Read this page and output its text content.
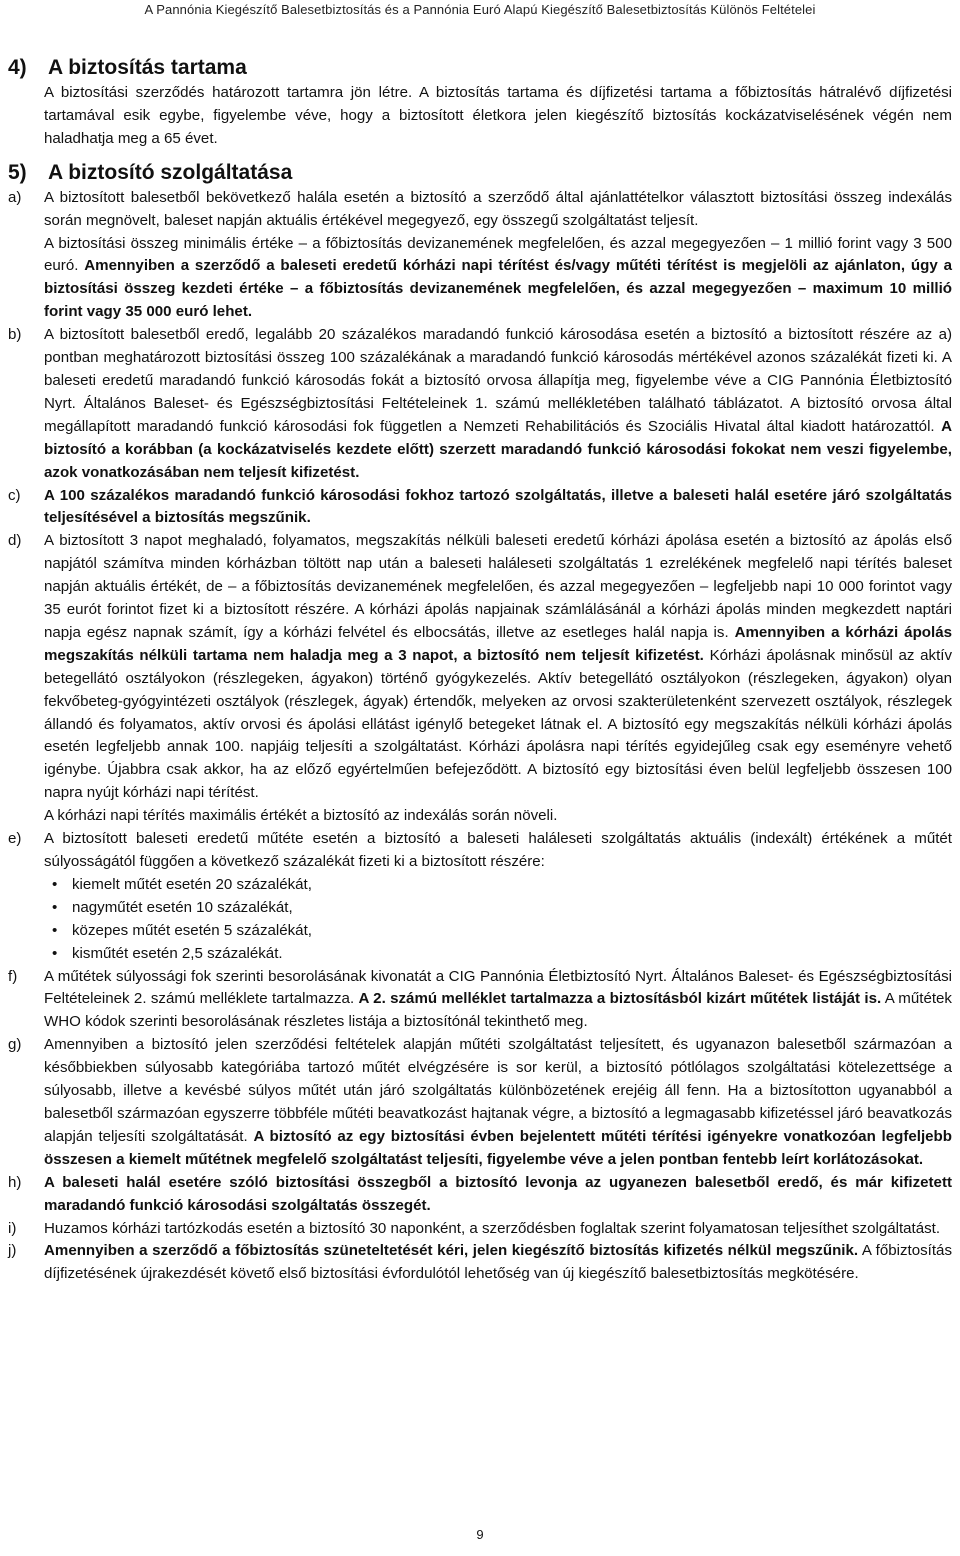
A Pannónia Kiegészítő Balesetbiztosítás és a Pannónia Euró Alapú Kiegészítő Balesetbiztosítás Különös Feltételei
4) A biztosítás tartama
A biztosítási szerződés határozott tartamra jön létre. A biztosítás tartama és díjfizetési tartama a főbiztosítás hátralévő díjfizetési tartamával esik egybe, figyelembe véve, hogy a biztosított életkora jelen kiegészítő biztosítás kockázatviselésének végén nem haladhatja meg a 65 évet.
5) A biztosító szolgáltatása
a) A biztosított balesetből bekövetkező halála esetén a biztosító a szerződő által ajánlattételkor választott biztosítási összeg indexálás során megnövelt, baleset napján aktuális értékével megegyező, egy összegű szolgáltatást teljesít.

A biztosítási összeg minimális értéke – a főbiztosítás devizanemének megfelelően, és azzal megegyezően – 1 millió forint vagy 3 500 euró. Amennyiben a szerződő a baleseti eredetű kórházi napi térítést és/vagy műtéti térítést is megjelöli az ajánlaton, úgy a biztosítási összeg kezdeti értéke – a főbiztosítás devizanemének megfelelően, és azzal megegyezően – maximum 10 millió forint vagy 35 000 euró lehet.

b) A biztosított balesetből eredő, legalább 20 százalékos maradandó funkció károsodása esetén a biztosító a biztosított részére az a) pontban meghatározott biztosítási összeg 100 százalékának a maradandó funkció károsodás mértékével azonos százalékát fizeti ki. A baleseti eredetű maradandó funkció károsodás fokát a biztosító orvosa állapítja meg, figyelembe véve a CIG Pannónia Életbiztosító Nyrt. Általános Baleset- és Egészségbiztosítási Feltételeinek 1. számú mellékletében található táblázatot. A biztosító orvosa által megállapított maradandó funkció károsodási fok független a Nemzeti Rehabilitációs és Szociális Hivatal által kiadott határozattól. A biztosító a korábban (a kockázatviselés kezdete előtt) szerzett maradandó funkció károsodási fokokat nem veszi figyelembe, azok vonatkozásában nem teljesít kifizetést.

c) A 100 százalékos maradandó funkció károsodási fokhoz tartozó szolgáltatás, illetve a baleseti halál esetére járó szolgáltatás teljesítésével a biztosítás megszűnik.

d) A biztosított 3 napot meghaladó, folyamatos, megszakítás nélküli baleseti eredetű kórházi ápolása esetén a biztosító az ápolás első napjától számítva minden kórházban töltött nap után a baleseti haláleseti szolgáltatás 1 ezrelékének megfelelő napi térítés baleset napján aktuális értékét, de – a főbiztosítás devizanemének megfelelően, és azzal megegyezően – legfeljebb napi 10 000 forintot vagy 35 eurót forintot fizet ki a biztosított részére. A kórházi ápolás napjainak számlálásánál a kórházi ápolás minden megkezdett naptári napja egész napnak számít, így a kórházi felvétel és elbocsátás, illetve az esetleges halál napja is. Amennyiben a kórházi ápolás megszakítás nélküli tartama nem haladja meg a 3 napot, a biztosító nem teljesít kifizetést. Kórházi ápolásnak minősül az aktív betegellátó osztályokon (részlegeken, ágyakon) történő gyógykezelés. Aktív betegellátó osztályokon (részlegeken, ágyakon) olyan fekvőbeteg-gyógyintézeti osztályok (részlegek, ágyak) értendők, melyeken az orvosi szakterületenként szervezett osztályok, részlegek állandó és folyamatos, aktív orvosi és ápolási ellátást igénylő betegeket látnak el. A biztosító egy megszakítás nélküli kórházi ápolás esetén legfeljebb annak 100. napjáig teljesíti a szolgáltatást. Kórházi ápolásra napi térítés egyidejűleg csak egy eseményre vehető igénybe. Újabbra csak akkor, ha az előző egyértelműen befejeződött. A biztosító egy biztosítási éven belül legfeljebb összesen 100 napra nyújt kórházi napi térítést.

A kórházi napi térítés maximális értékét a biztosító az indexálás során növeli.

e) A biztosított baleseti eredetű műtéte esetén a biztosító a baleseti haláleseti szolgáltatás aktuális (indexált) értékének a műtét súlyosságától függően a következő százalékát fizeti ki a biztosított részére:

• kiemelt műtét esetén 20 százalékát,
• nagyműtét esetén 10 százalékát,
• közepes műtét esetén 5 százalékát,
• kisműtét esetén 2,5 százalékát.
f) A műtétek súlyossági fok szerinti besorolásának kivonatát a CIG Pannónia Életbiztosító Nyrt. Általános Baleset- és Egészségbiztosítási Feltételeinek 2. számú melléklete tartalmazza. A 2. számú melléklet tartalmazza a biztosításból kizárt műtétek listáját is. A műtétek WHO kódok szerinti besorolásának részletes listája a biztosítónál tekinthető meg.

g) Amennyiben a biztosító jelen szerződési feltételek alapján műtéti szolgáltatást teljesített, és ugyanazon balesetből származóan a későbbiekben súlyosabb kategóriába tartozó műtét elvégzésére is sor kerül, a biztosító pótlólagos szolgáltatási kötelezettsége a súlyosabb, illetve a kevésbé súlyos műtét után járó szolgáltatás különbözetének erejéig áll fenn. Ha a biztosítotton ugyanabból a balesetből származóan egyszerre többféle műtéti beavatkozást hajtanak végre, a biztosító a legmagasabb kifizetéssel járó beavatkozás alapján teljesíti szolgáltatását. A biztosító az egy biztosítási évben bejelentett műtéti térítési igényekre vonatkozóan legfeljebb összesen a kiemelt műtétnek megfelelő szolgáltatást teljesíti, figyelembe véve a jelen pontban fentebb leírt korlátozásokat.

h) A baleseti halál esetére szóló biztosítási összegből a biztosító levonja az ugyanezen balesetből eredő, és már kifizetett maradandó funkció károsodási szolgáltatás összegét.

i) Huzamos kórházi tartózkodás esetén a biztosító 30 naponként, a szerződésben foglaltak szerint folyamatosan teljesíthet szolgáltatást.

j) Amennyiben a szerződő a főbiztosítás szüneteltetését kéri, jelen kiegészítő biztosítás kifizetés nélkül megszűnik. A főbiztosítás díjfizetésének újrakezdését követő első biztosítási évfordulótól lehetőség van új kiegészítő balesetbiztosítás megkötésére.

9
